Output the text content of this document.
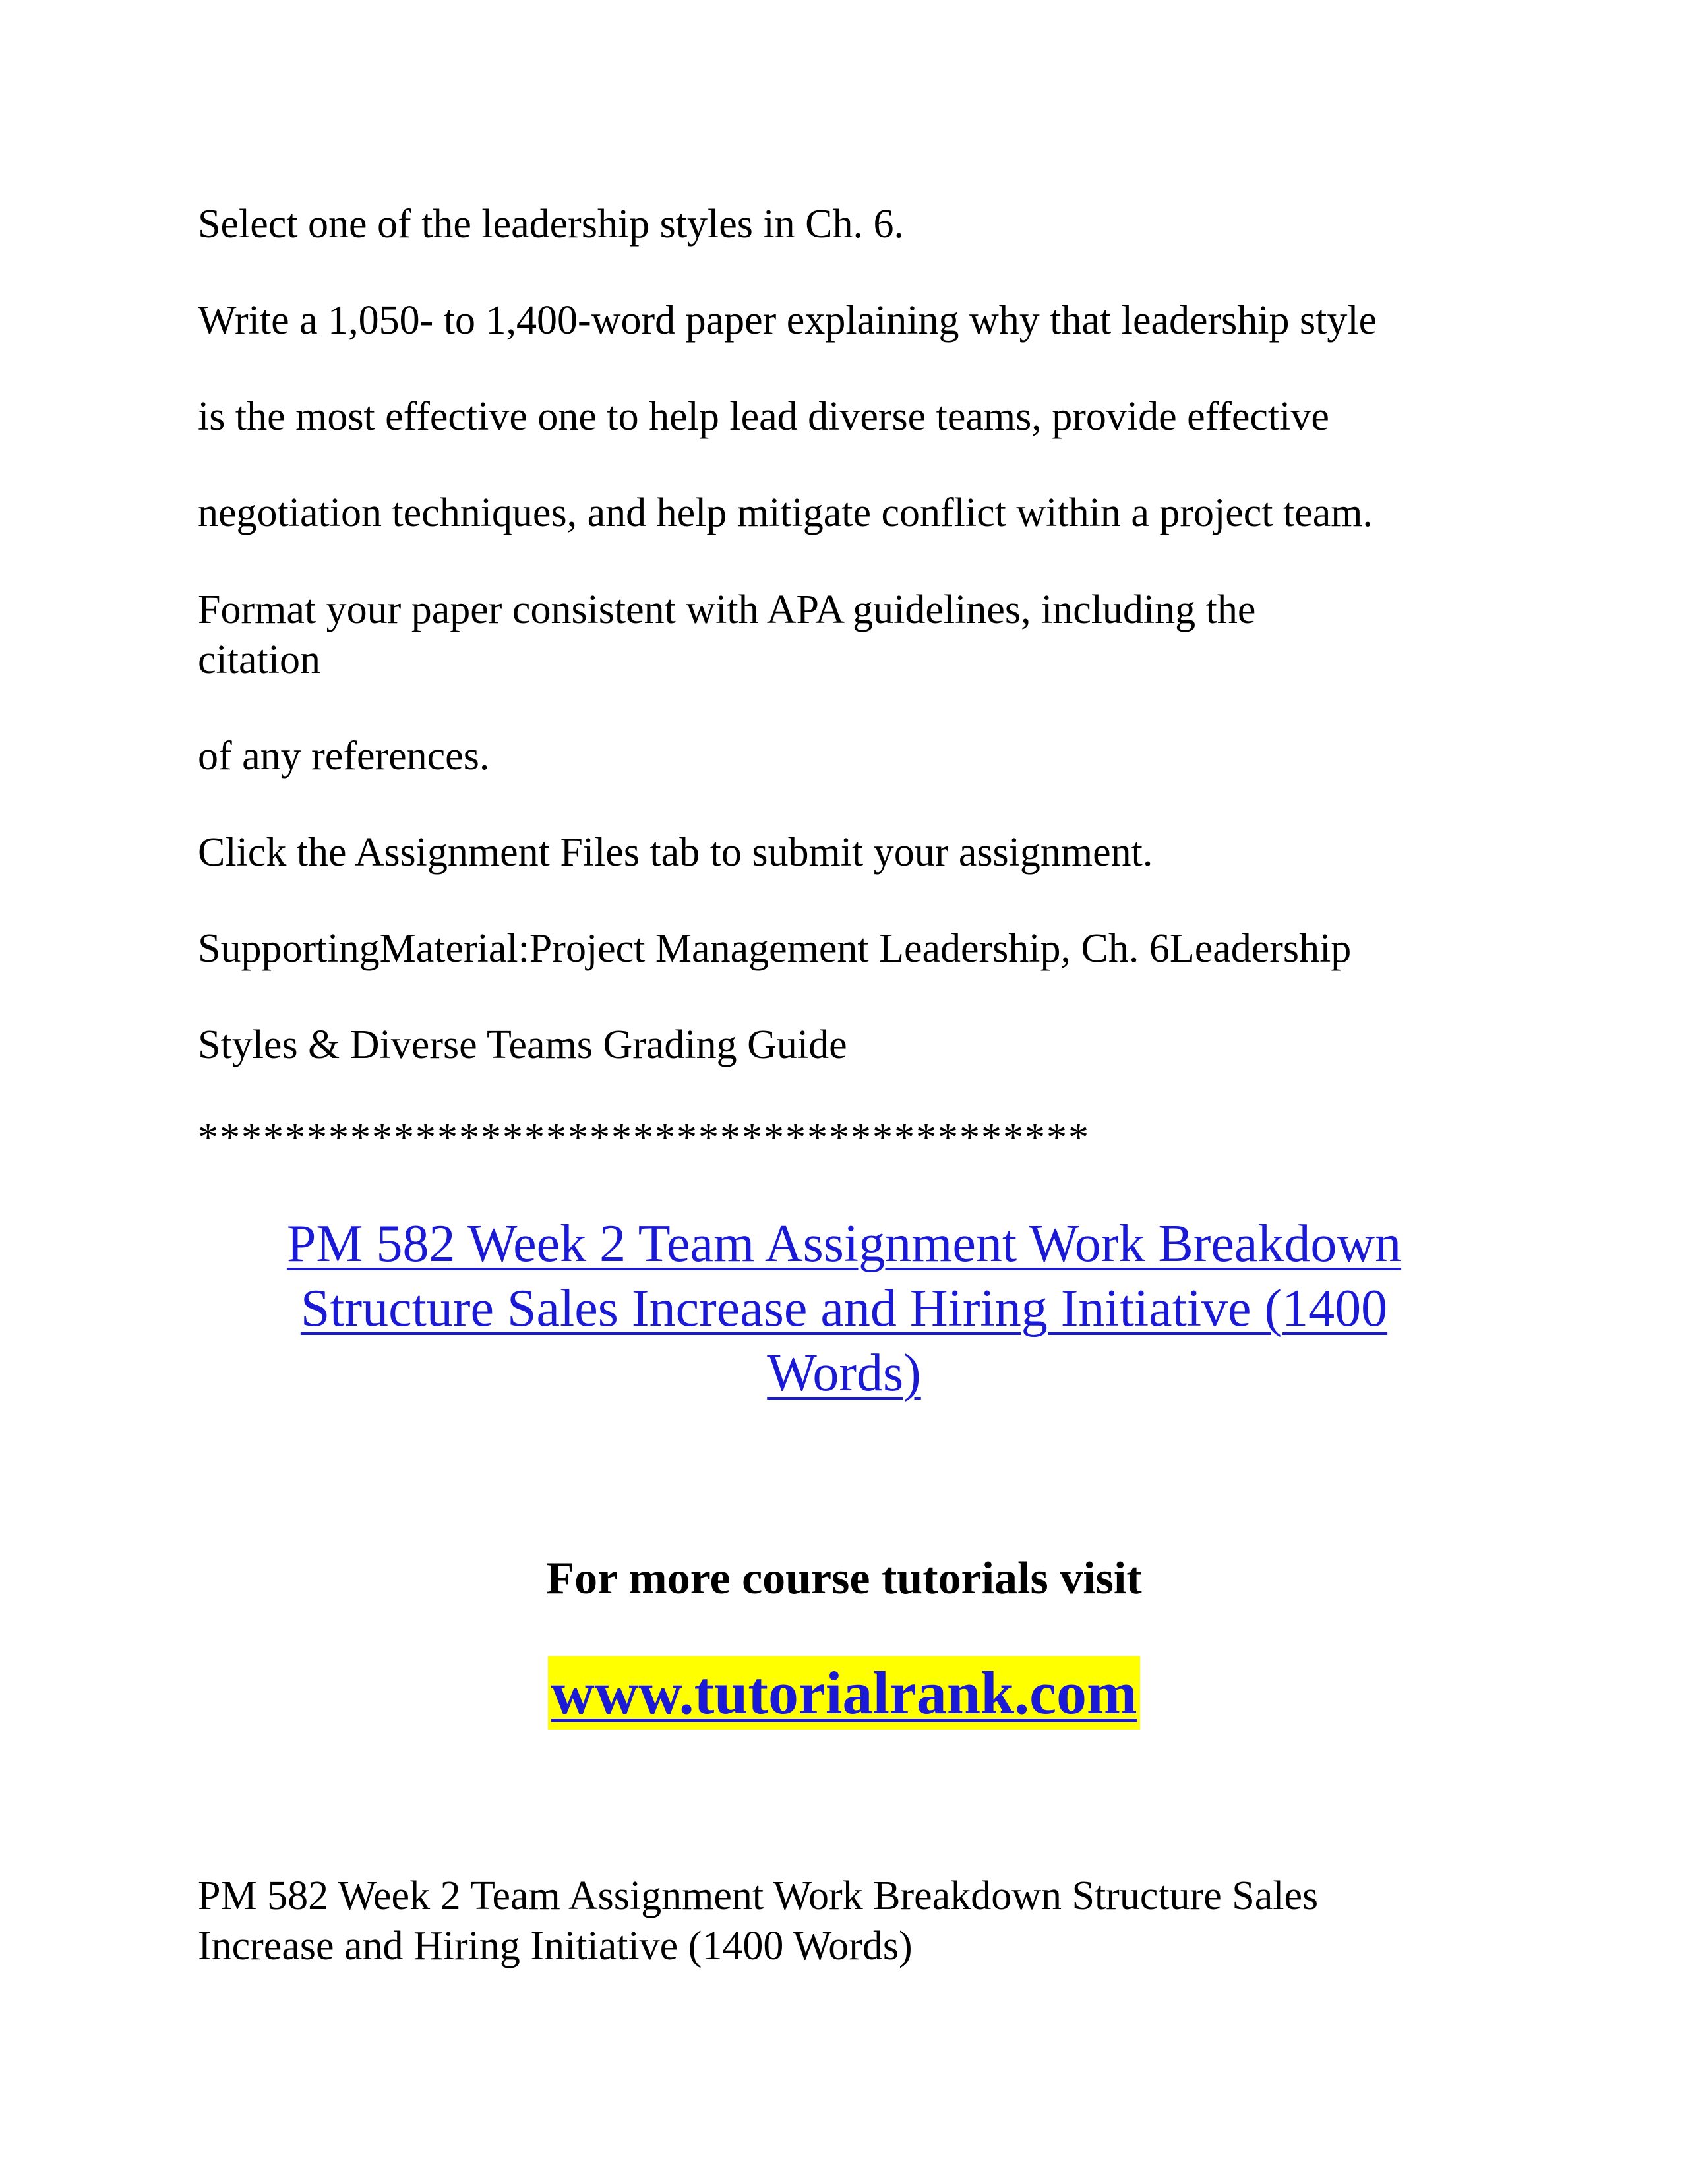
Select one of the leadership styles in Ch. 6.

Write a 1,050- to 1,400-word paper explaining why that leadership style

is the most effective one to help lead diverse teams, provide effective

negotiation techniques, and help mitigate conflict within a project team.

Format your paper consistent with APA guidelines, including the

citation

of any references.

Click the Assignment Files tab to submit your assignment.

SupportingMaterial:Project Management Leadership, Ch. 6Leadership

Styles & Diverse Teams Grading Guide

*****************************************

PM 582 Week 2 Team Assignment Work Breakdown
Structure Sales Increase and Hiring Initiative (1400
Words)

For more course tutorials visit

www.tutorialrank.com

PM 582 Week 2 Team Assignment Work Breakdown Structure Sales
Increase and Hiring Initiative (1400 Words)
